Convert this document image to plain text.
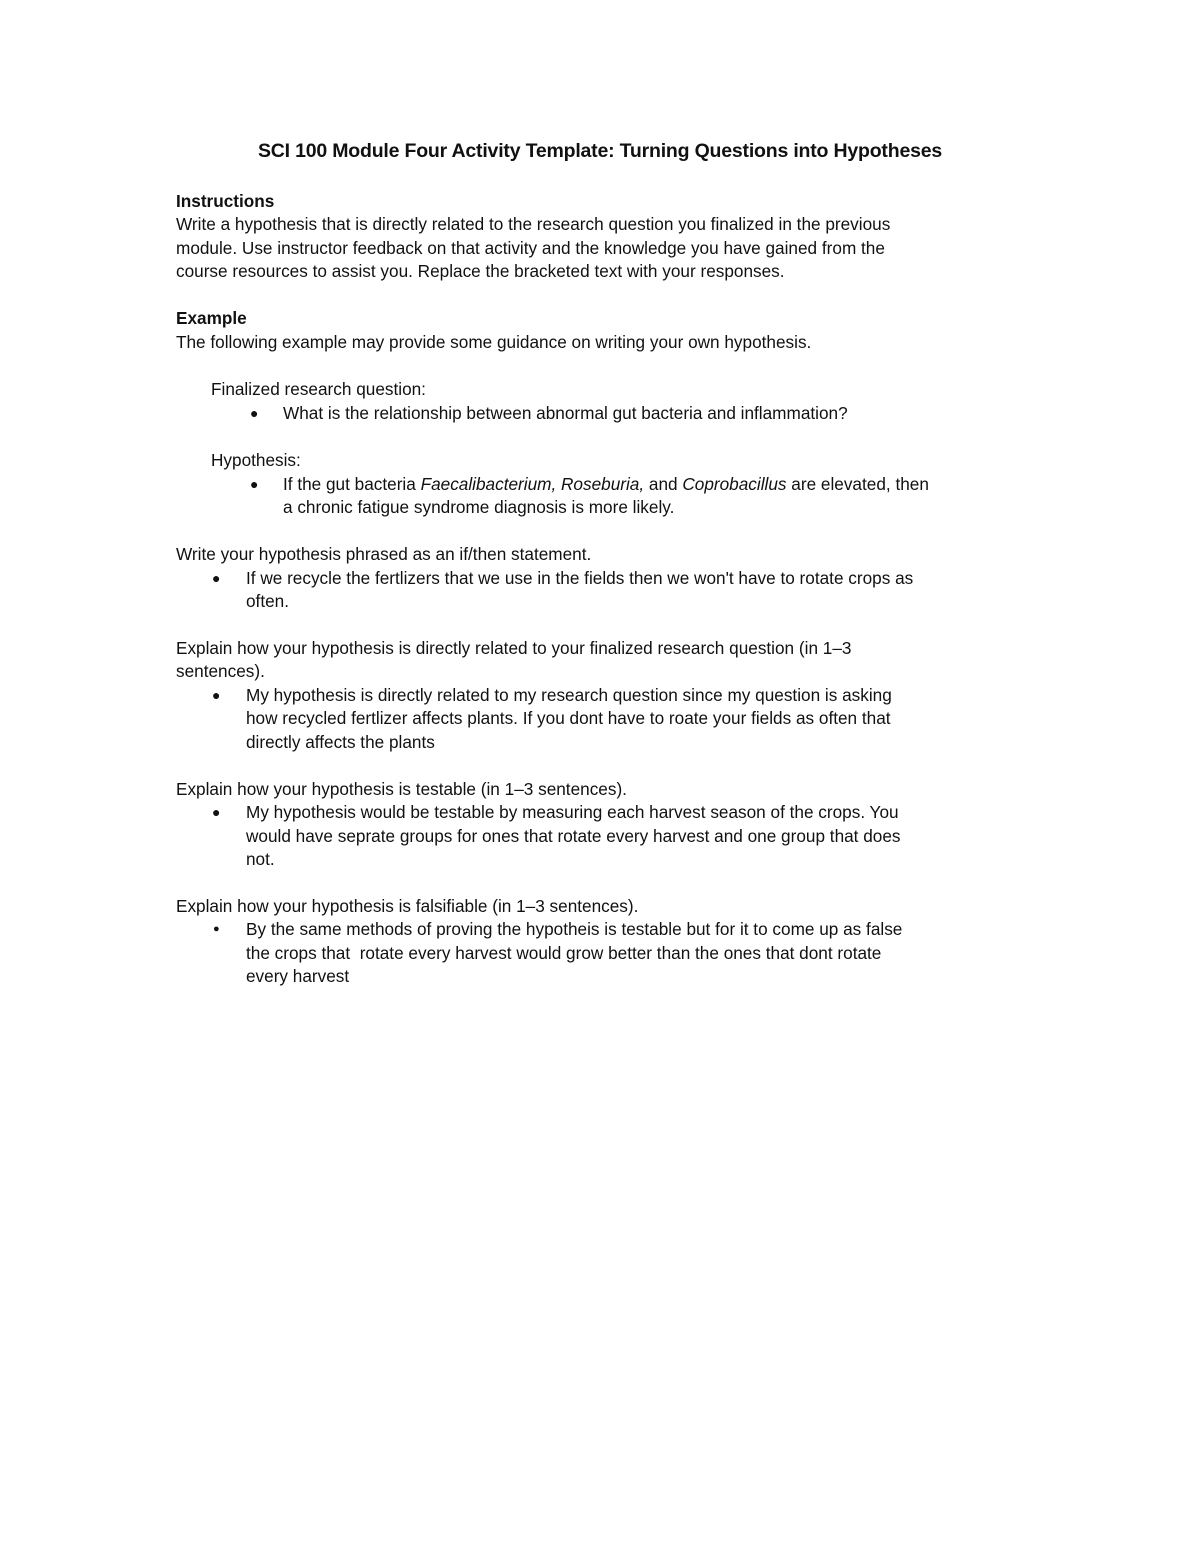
SCI 100 Module Four Activity Template: Turning Questions into Hypotheses

Instructions

Write a hypothesis that is directly related to the research question you finalized in the previous

module. Use instructor feedback on that activity and the knowledge you have gained from the

course resources to assist you. Replace the bracketed text with your responses.

Example

The following example may provide some guidance on writing your own hypothesis.

Finalized research question:

● What is the relationship between abnormal gut bacteria and inflammation?

Hypothesis:

● If the gut bacteria Faecalibacterium, Roseburia, and Coprobacillus are elevated, then

a chronic fatigue syndrome diagnosis is more likely.

Write your hypothesis phrased as an if/then statement.

● If we recycle the fertlizers that we use in the fields then we won't have to rotate crops as

often.

Explain how your hypothesis is directly related to your finalized research question (in 1–3

sentences).

● My hypothesis is directly related to my research question since my question is asking

how recycled fertlizer affects plants. If you dont have to roate your fields as often that

directly affects the plants

Explain how your hypothesis is testable (in 1–3 sentences).

● My hypothesis would be testable by measuring each harvest season of the crops. You

would have seprate groups for ones that rotate every harvest and one group that does

not.

Explain how your hypothesis is falsifiable (in 1–3 sentences).

● By the same methods of proving the hypotheis is testable but for it to come up as false

the crops that  rotate every harvest would grow better than the ones that dont rotate

every harvest
